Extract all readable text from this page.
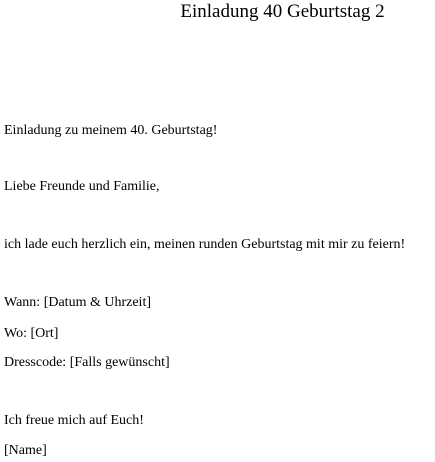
Einladung 40 Geburtstag 2
Einladung zu meinem 40. Geburtstag!
Liebe Freunde und Familie,
ich lade euch herzlich ein, meinen runden Geburtstag mit mir zu feiern!
Wann: [Datum & Uhrzeit]
Wo: [Ort]
Dresscode: [Falls gewünscht]
Ich freue mich auf Euch!
[Name]
